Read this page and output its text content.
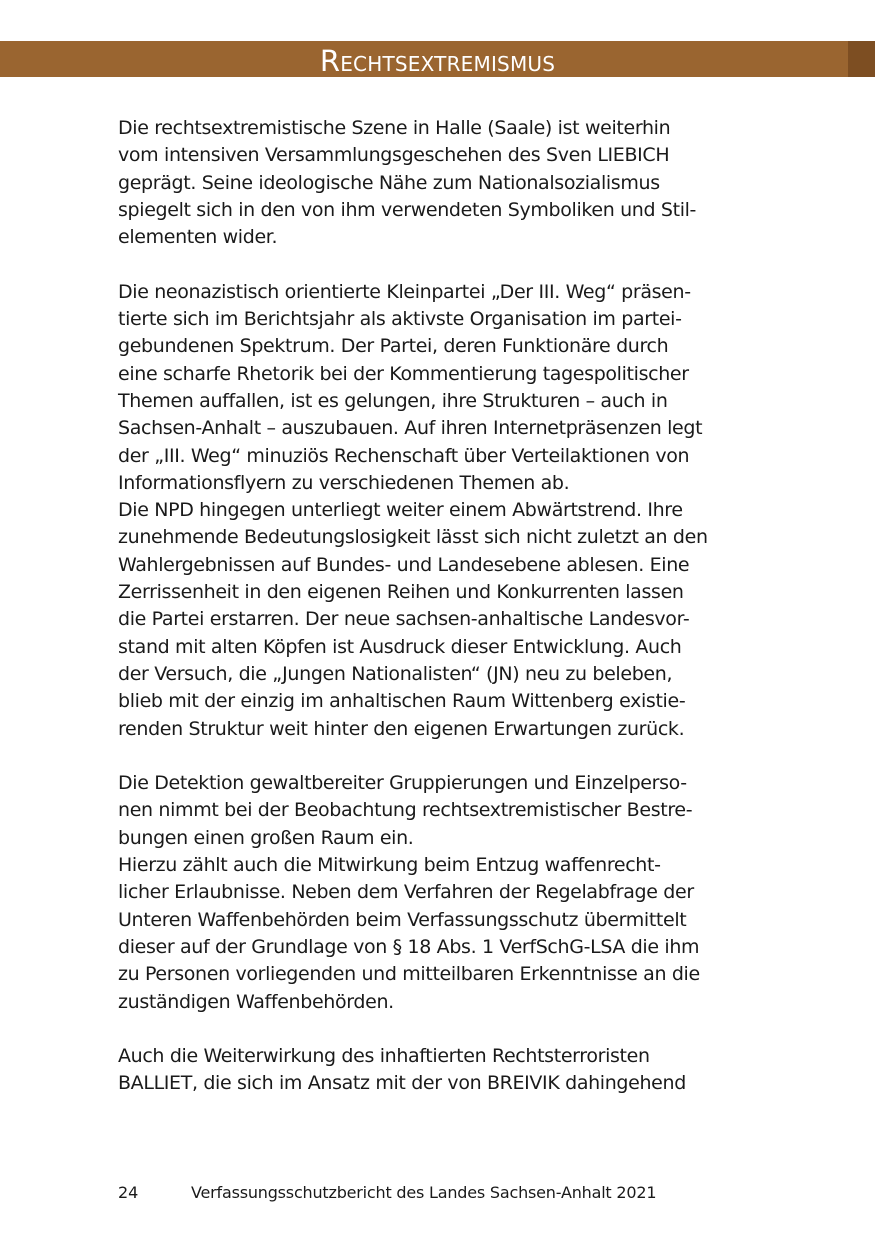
Rechtsextremismus

Die rechtsextremistische Szene in Halle (Saale) ist weiterhin
vom intensiven Versammlungsgeschehen des Sven LIEBICH
geprägt. Seine ideologische Nähe zum Nationalsozialismus
spiegelt sich in den von ihm verwendeten Symboliken und Stil-
elementen wider.

Die neonazistisch orientierte Kleinpartei „Der III. Weg“ präsen-
tierte sich im Berichtsjahr als aktivste Organisation im partei-
gebundenen Spektrum. Der Partei, deren Funktionäre durch
eine scharfe Rhetorik bei der Kommentierung tagespolitischer
Themen auffallen, ist es gelungen, ihre Strukturen – auch in
Sachsen-Anhalt – auszubauen. Auf ihren Internetpräsenzen legt
der „III. Weg“ minuziös Rechenschaft über Verteilaktionen von
Informationsflyern zu verschiedenen Themen ab.
Die NPD hingegen unterliegt weiter einem Abwärtstrend. Ihre
zunehmende Bedeutungslosigkeit lässt sich nicht zuletzt an den
Wahlergebnissen auf Bundes- und Landesebene ablesen. Eine
Zerrissenheit in den eigenen Reihen und Konkurrenten lassen
die Partei erstarren. Der neue sachsen-anhaltische Landesvor-
stand mit alten Köpfen ist Ausdruck dieser Entwicklung. Auch
der Versuch, die „Jungen Nationalisten“ (JN) neu zu beleben,
blieb mit der einzig im anhaltischen Raum Wittenberg existie-
renden Struktur weit hinter den eigenen Erwartungen zurück.

Die Detektion gewaltbereiter Gruppierungen und Einzelperso-
nen nimmt bei der Beobachtung rechtsextremistischer Bestre-
bungen einen großen Raum ein.
Hierzu zählt auch die Mitwirkung beim Entzug waffenrecht-
licher Erlaubnisse. Neben dem Verfahren der Regelabfrage der
Unteren Waffenbehörden beim Verfassungsschutz übermittelt
dieser auf der Grundlage von § 18 Abs. 1 VerfSchG-LSA die ihm
zu Personen vorliegenden und mitteilbaren Erkenntnisse an die
zuständigen Waffenbehörden.

Auch die Weiterwirkung des inhaftierten Rechtsterroristen
BALLIET, die sich im Ansatz mit der von BREIVIK dahingehend

24	Verfassungsschutzbericht des Landes Sachsen-Anhalt 2021
